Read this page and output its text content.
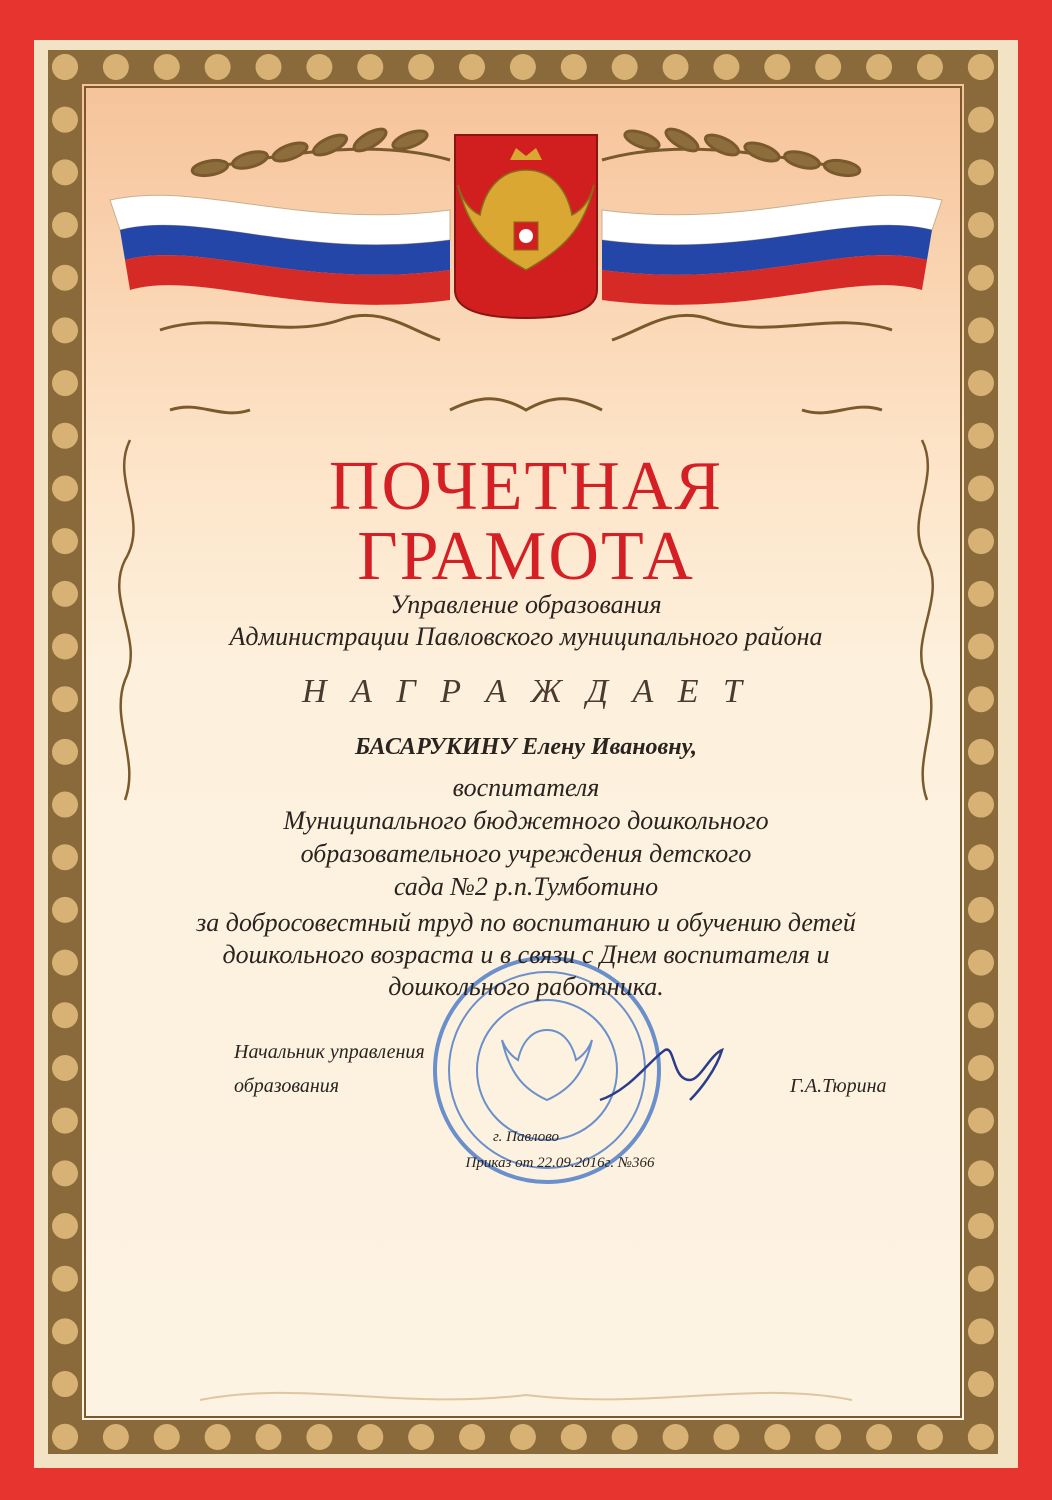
ПОЧЕТНАЯ
ГРАМОТА
Управление образования
Администрации Павловского муниципального района
Н А Г Р А Ж Д А Е Т
БАСАРУКИНУ Елену Ивановну,
воспитателя
Муниципального бюджетного дошкольного
образовательного учреждения детского
сада №2 р.п.Тумботино
за добросовестный труд по воспитанию и обучению детей
дошкольного возраста и в связи с Днем воспитателя и
дошкольного работника.
Начальник управления
образования	Г.А.Тюрина
г. Павлово
Приказ от 22.09.2016г. №366
